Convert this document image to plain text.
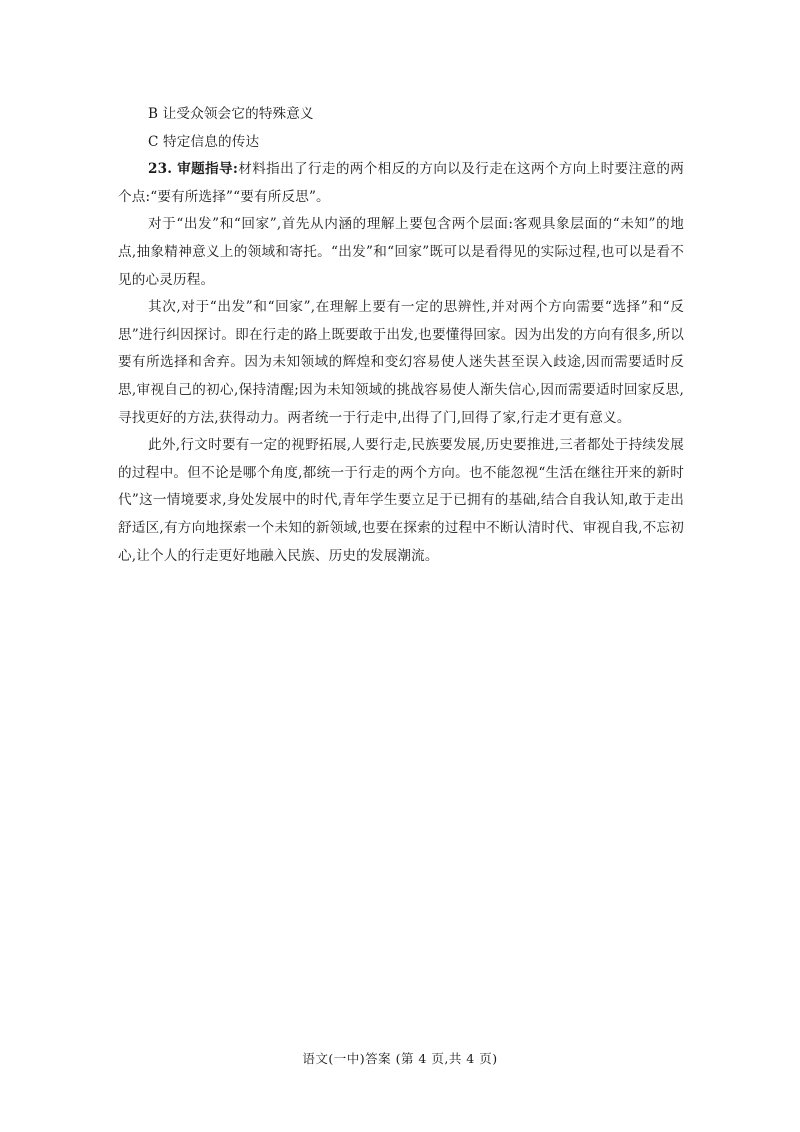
B 让受众领会它的特殊意义

C 特定信息的传达

23. 审题指导:材料指出了行走的两个相反的方向以及行走在这两个方向上时要注意的两个点:“要有所选择”“要有所反思”。

对于“出发”和“回家”,首先从内涵的理解上要包含两个层面:客观具象层面的“未知”的地点,抽象精神意义上的领域和寄托。“出发”和“回家”既可以是看得见的实际过程,也可以是看不见的心灵历程。

其次,对于“出发”和“回家”,在理解上要有一定的思辨性,并对两个方向需要“选择”和“反思”进行纠因探讨。即在行走的路上既要敢于出发,也要懂得回家。因为出发的方向有很多,所以要有所选择和舍弃。因为未知领域的辉煌和变幻容易使人迷失甚至误入歧途,因而需要适时反思,审视自己的初心,保持清醒;因为未知领域的挑战容易使人渐失信心,因而需要适时回家反思,寻找更好的方法,获得动力。两者统一于行走中,出得了门,回得了家,行走才更有意义。

此外,行文时要有一定的视野拓展,人要行走,民族要发展,历史要推进,三者都处于持续发展的过程中。但不论是哪个角度,都统一于行走的两个方向。也不能忽视“生活在继往开来的新时代”这一情境要求,身处发展中的时代,青年学生要立足于已拥有的基础,结合自我认知,敢于走出舒适区,有方向地探索一个未知的新领域,也要在探索的过程中不断认清时代、审视自我,不忘初心,让个人的行走更好地融入民族、历史的发展潮流。

语文(一中)答案 (第 4 页,共 4 页)
